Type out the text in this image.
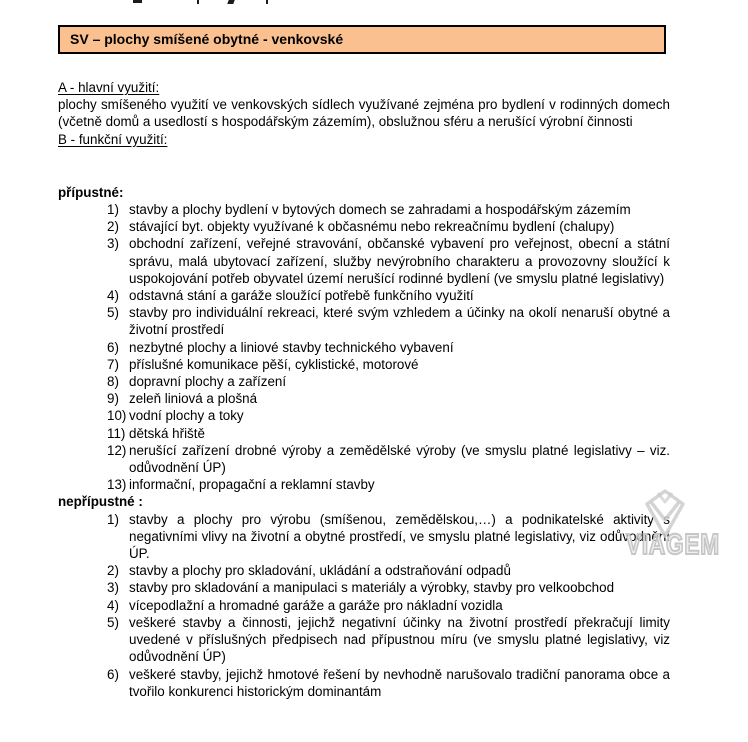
SV – plochy smíšené obytné - venkovské
A - hlavní využití:

plochy smíšeného využití ve venkovských sídlech využívané zejména pro bydlení v rodinných domech (včetně domů a usedlostí s hospodářským zázemím), obslužnou sféru a nerušící výrobní činnosti

B - funkční využití:
přípustné:
1) stavby a plochy bydlení v bytových domech se zahradami a hospodářským zázemím
2) stávající byt. objekty využívané k občasnému nebo rekreačnímu bydlení (chalupy)
3) obchodní zařízení, veřejné stravování, občanské vybavení pro veřejnost, obecní a státní správu, malá ubytovací zařízení, služby nevýrobního charakteru a provozovny sloužící k uspokojování potřeb obyvatel území nerušící rodinné bydlení (ve smyslu platné legislativy)
4) odstavná stání a garáže sloužící potřebě funkčního využití
5) stavby pro individuální rekreaci, které svým vzhledem a účinky na okolí nenaruší obytné a životní prostředí
6) nezbytné plochy a liniové stavby technického vybavení
7) příslušné komunikace pěší, cyklistické, motorové
8) dopravní plochy a zařízení
9) zeleň liniová a plošná
10) vodní plochy a toky
11) dětská hřiště
12) nerušící zařízení drobné výroby a zemědělské výroby (ve smyslu platné legislativy – viz. odůvodnění ÚP)
13) informační, propagační a reklamní stavby
nepřípustné :
1) stavby a plochy pro výrobu (smíšenou, zemědělskou,…) a podnikatelské aktivity s negativními vlivy na životní a obytné prostředí, ve smyslu platné legislativy, viz odůvodnění ÚP.
2) stavby a plochy pro skladování, ukládání a odstraňování odpadů
3) stavby pro skladování a manipulaci s materiály a výrobky, stavby pro velkoobchod
4) vícepodlažní a hromadné garáže a garáže pro nákladní vozidla
5) veškeré stavby a činnosti, jejichž negativní účinky na životní prostředí překračují limity uvedené v příslušných předpisech nad přípustnou míru (ve smyslu platné legislativy, viz odůvodnění ÚP)
6) veškeré stavby, jejichž hmotové řešení by nevhodně narušovalo tradiční panorama obce a tvořilo konkurenci historickým dominantám
VIAGEM
